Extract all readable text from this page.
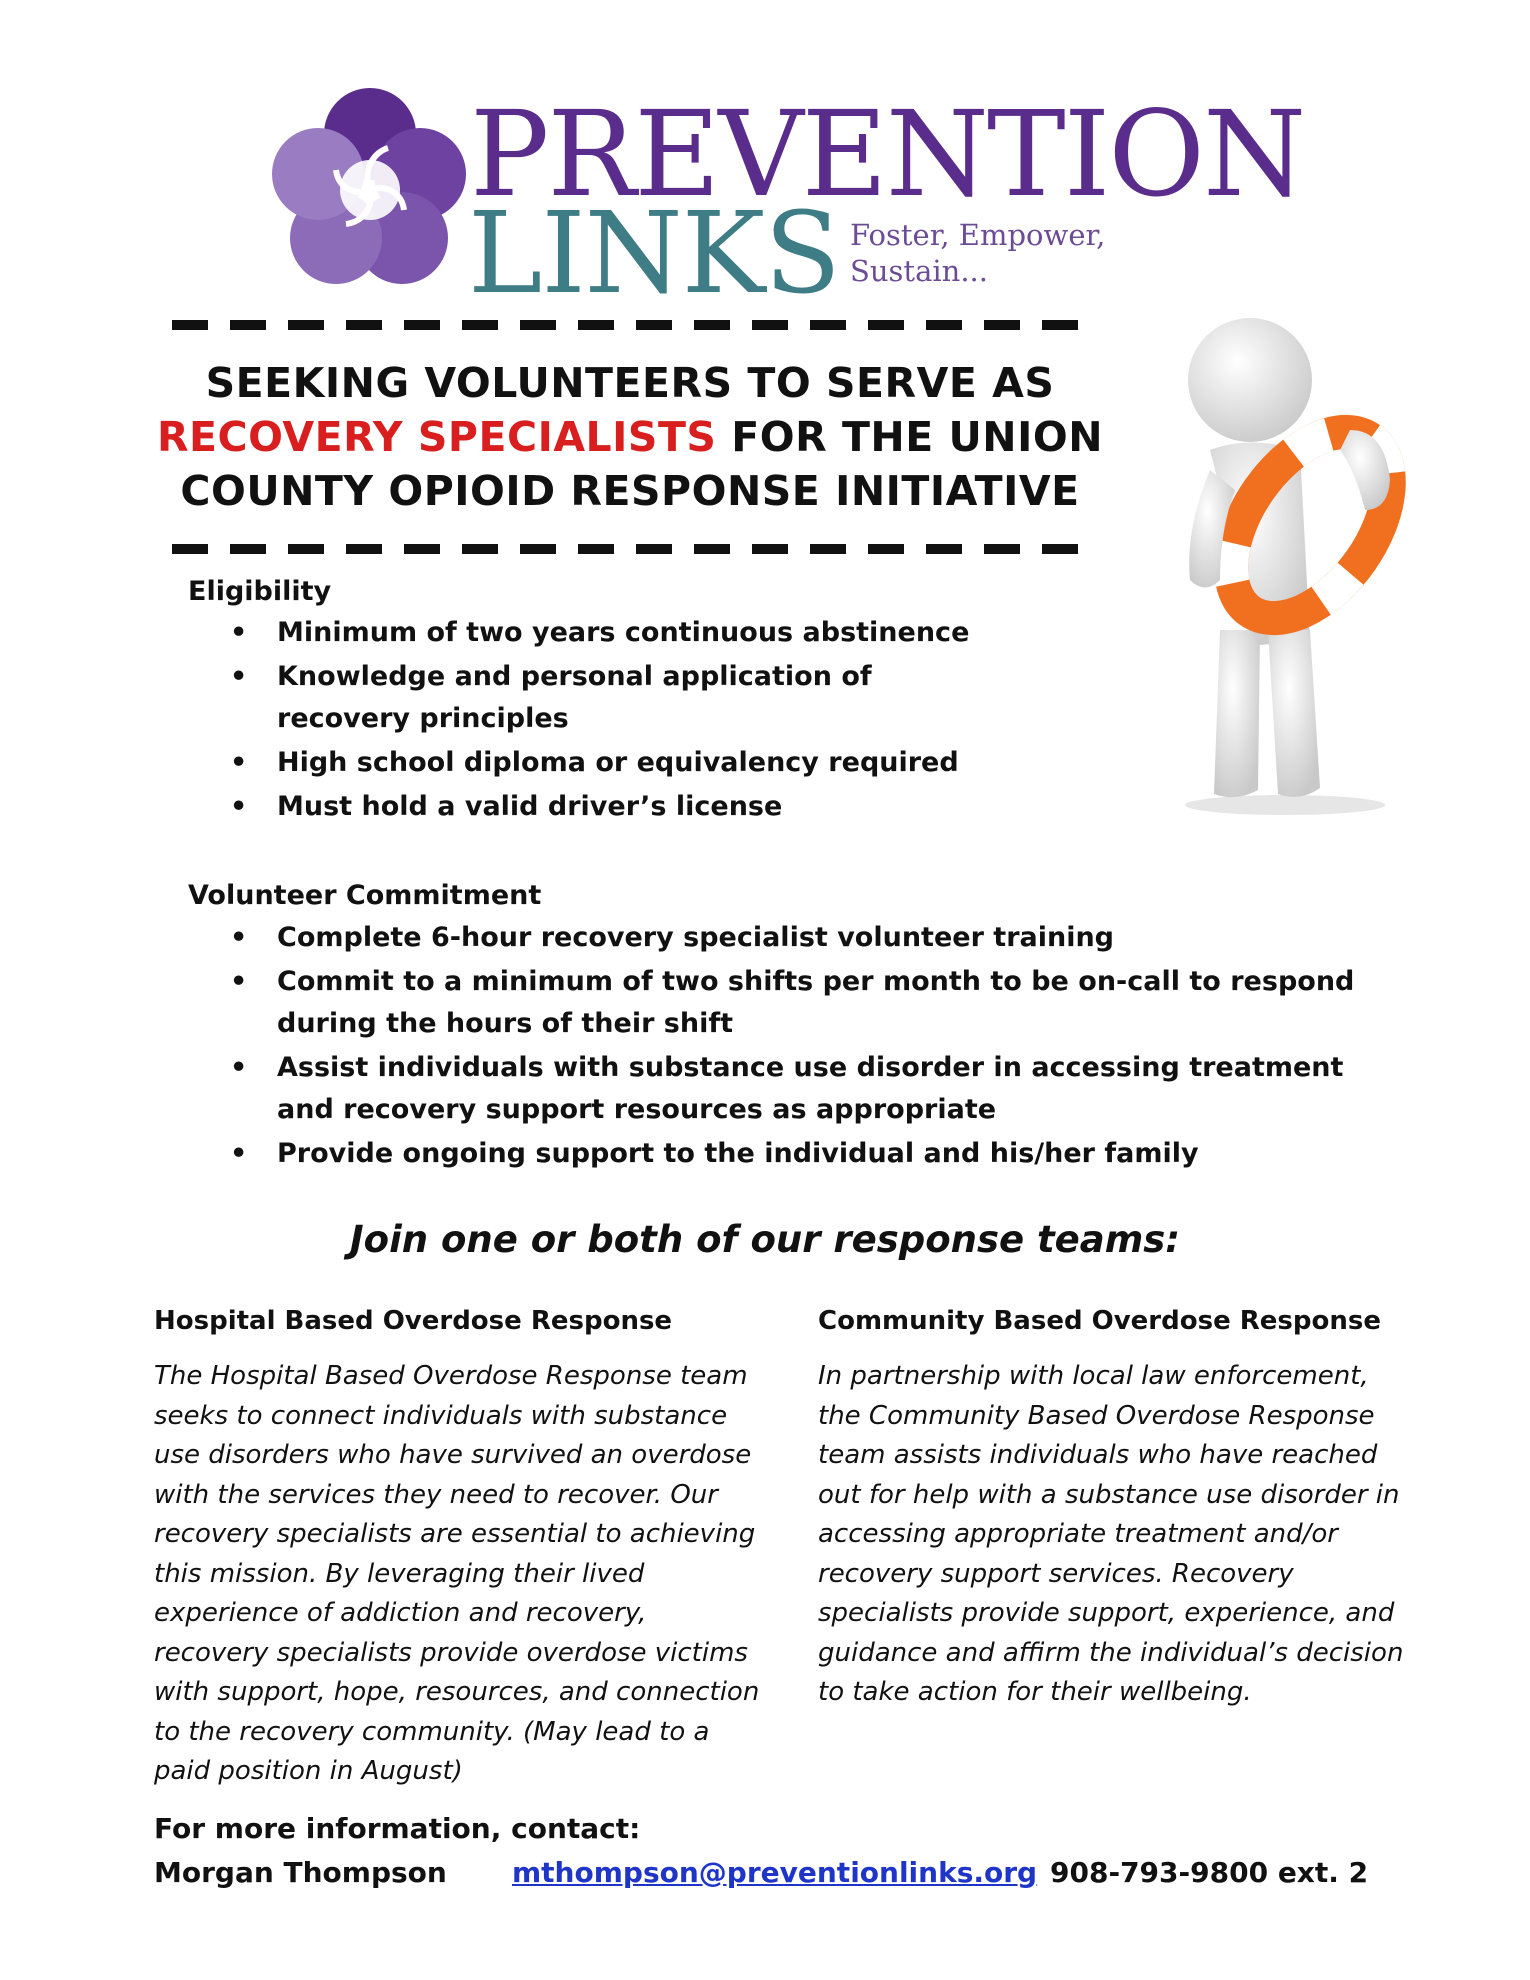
PREVENTION
LINKS Foster, Empower,
Sustain...
SEEKING VOLUNTEERS TO SERVE AS
RECOVERY SPECIALISTS FOR THE UNION
COUNTY OPIOID RESPONSE INITIATIVE
Eligibility
• Minimum of two years continuous abstinence
• Knowledge and personal application of recovery principles
• High school diploma or equivalency required
• Must hold a valid driver’s license
Volunteer Commitment
• Complete 6-hour recovery specialist volunteer training
• Commit to a minimum of two shifts per month to be on-call to respond during the hours of their shift
• Assist individuals with substance use disorder in accessing treatment and recovery support resources as appropriate
• Provide ongoing support to the individual and his/her family
Join one or both of our response teams:
Hospital Based Overdose Response
The Hospital Based Overdose Response team seeks to connect individuals with substance use disorders who have survived an overdose with the services they need to recover. Our recovery specialists are essential to achieving this mission. By leveraging their lived experience of addiction and recovery, recovery specialists provide overdose victims with support, hope, resources, and connection to the recovery community. (May lead to a paid position in August)
Community Based Overdose Response
In partnership with local law enforcement, the Community Based Overdose Response team assists individuals who have reached out for help with a substance use disorder in accessing appropriate treatment and/or recovery support services. Recovery specialists provide support, experience, and guidance and affirm the individual’s decision to take action for their wellbeing.
For more information, contact:
Morgan Thompson mthompson@preventionlinks.org 908-793-9800 ext. 2
